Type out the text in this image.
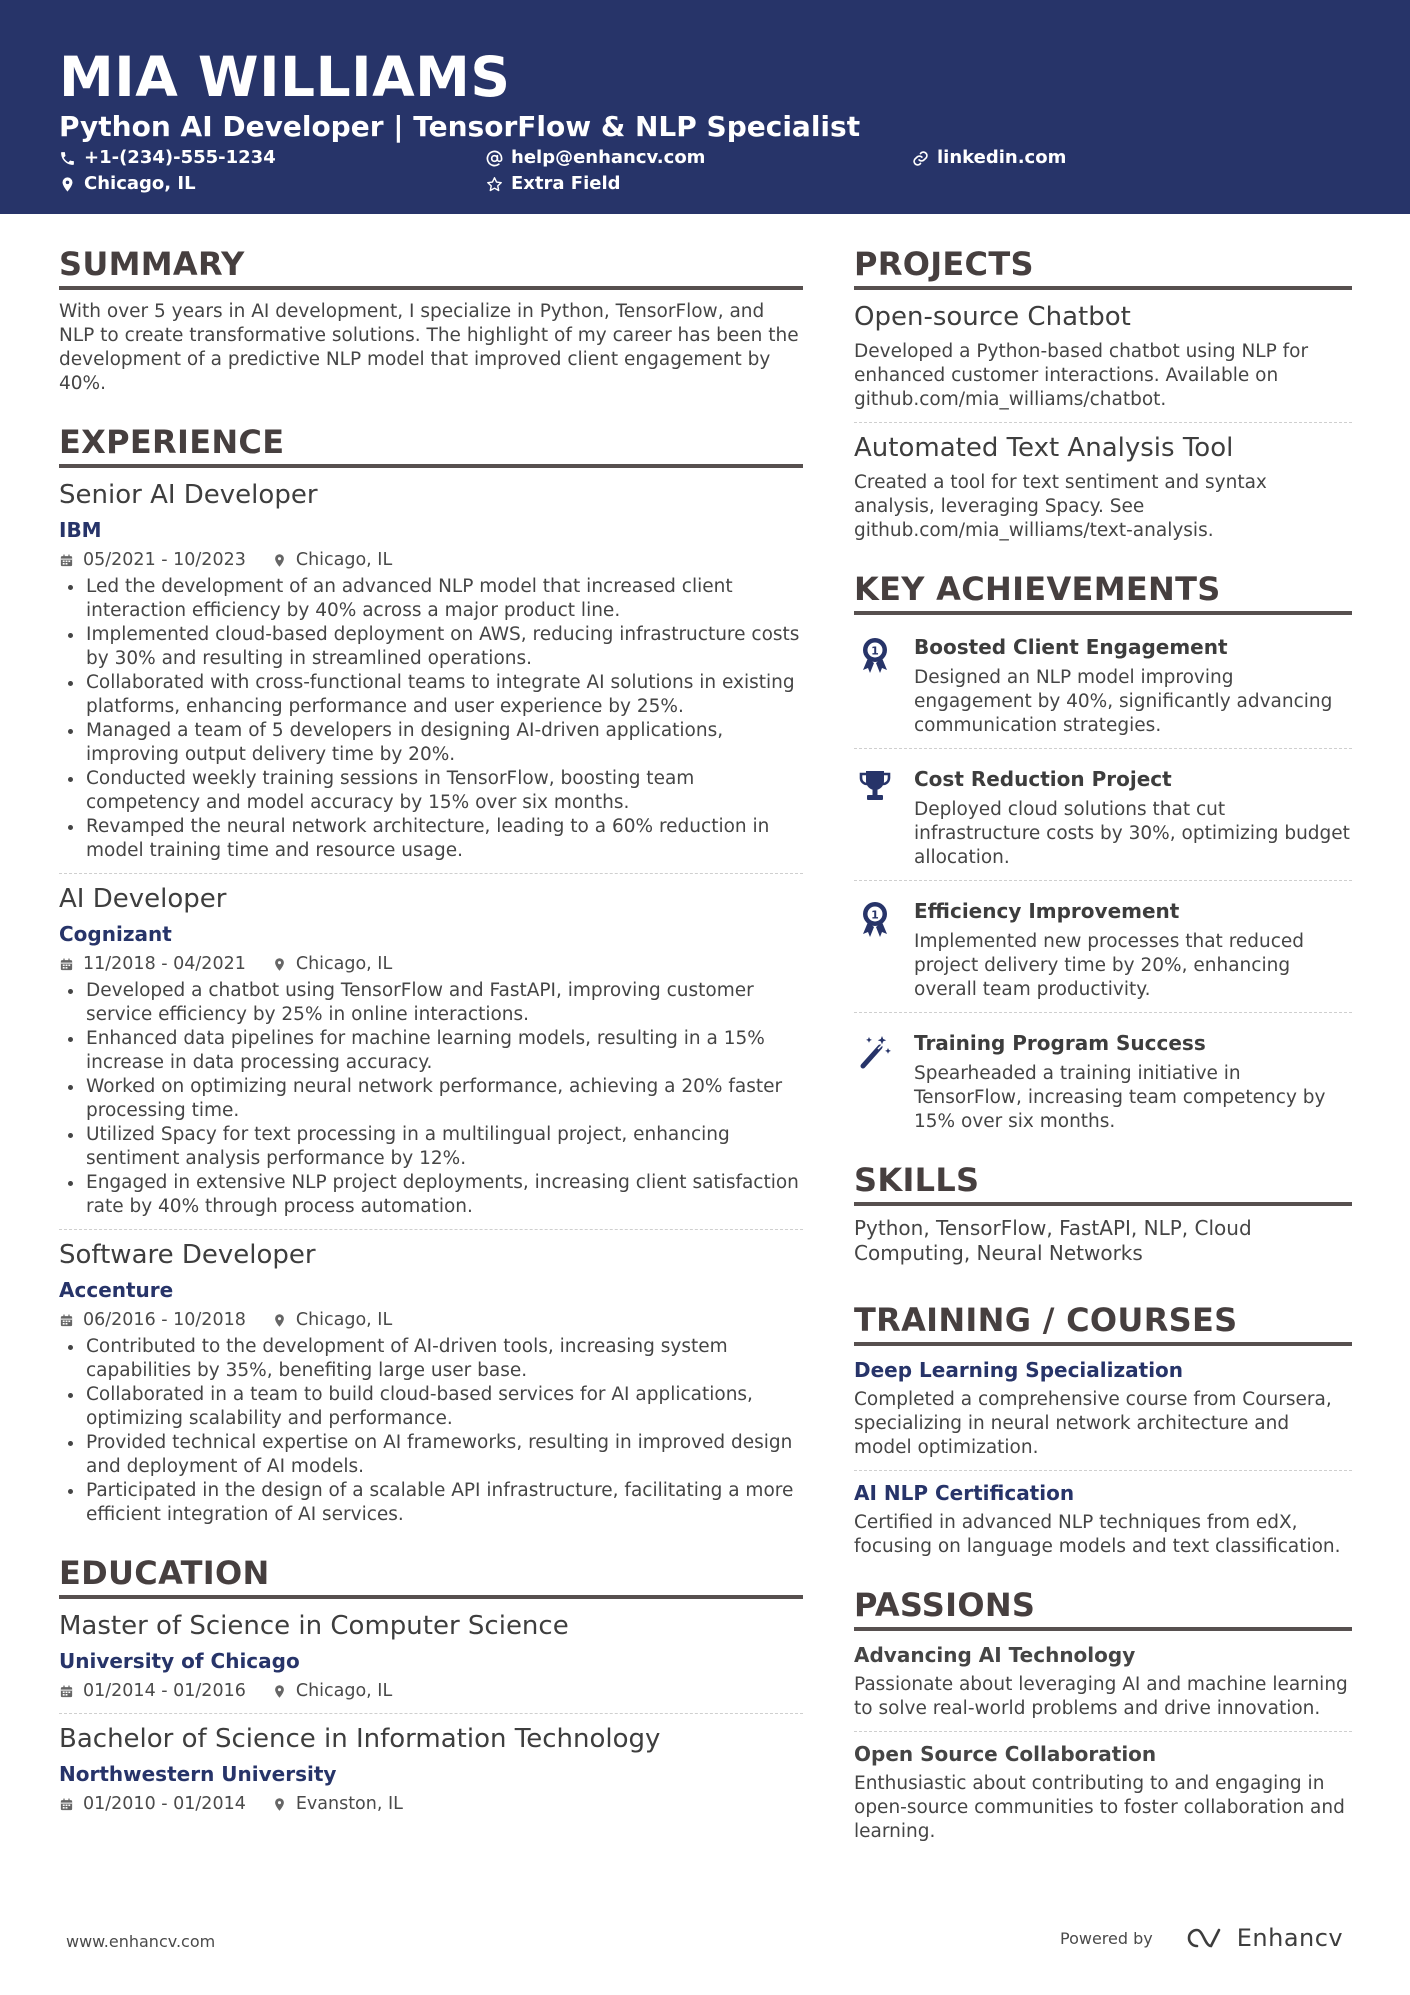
MIA WILLIAMS
Python AI Developer | TensorFlow & NLP Specialist
+1-(234)-555-1234	help@enhancv.com	linkedin.com
Chicago, IL	Extra Field
SUMMARY
With over 5 years in AI development, I specialize in Python, TensorFlow, and NLP to create transformative solutions. The highlight of my career has been the development of a predictive NLP model that improved client engagement by 40%.
EXPERIENCE
Senior AI Developer
IBM
05/2021 - 10/2023	Chicago, IL
Led the development of an advanced NLP model that increased client interaction efficiency by 40% across a major product line.
Implemented cloud-based deployment on AWS, reducing infrastructure costs by 30% and resulting in streamlined operations.
Collaborated with cross-functional teams to integrate AI solutions in existing platforms, enhancing performance and user experience by 25%.
Managed a team of 5 developers in designing AI-driven applications, improving output delivery time by 20%.
Conducted weekly training sessions in TensorFlow, boosting team competency and model accuracy by 15% over six months.
Revamped the neural network architecture, leading to a 60% reduction in model training time and resource usage.
AI Developer
Cognizant
11/2018 - 04/2021	Chicago, IL
Developed a chatbot using TensorFlow and FastAPI, improving customer service efficiency by 25% in online interactions.
Enhanced data pipelines for machine learning models, resulting in a 15% increase in data processing accuracy.
Worked on optimizing neural network performance, achieving a 20% faster processing time.
Utilized Spacy for text processing in a multilingual project, enhancing sentiment analysis performance by 12%.
Engaged in extensive NLP project deployments, increasing client satisfaction rate by 40% through process automation.
Software Developer
Accenture
06/2016 - 10/2018	Chicago, IL
Contributed to the development of AI-driven tools, increasing system capabilities by 35%, benefiting large user base.
Collaborated in a team to build cloud-based services for AI applications, optimizing scalability and performance.
Provided technical expertise on AI frameworks, resulting in improved design and deployment of AI models.
Participated in the design of a scalable API infrastructure, facilitating a more efficient integration of AI services.
EDUCATION
Master of Science in Computer Science
University of Chicago
01/2014 - 01/2016	Chicago, IL
Bachelor of Science in Information Technology
Northwestern University
01/2010 - 01/2014	Evanston, IL
PROJECTS
Open-source Chatbot
Developed a Python-based chatbot using NLP for enhanced customer interactions. Available on github.com/mia_williams/chatbot.
Automated Text Analysis Tool
Created a tool for text sentiment and syntax analysis, leveraging Spacy. See github.com/mia_williams/text-analysis.
KEY ACHIEVEMENTS
1 Boosted Client Engagement
Designed an NLP model improving engagement by 40%, significantly advancing communication strategies.
Cost Reduction Project
Deployed cloud solutions that cut infrastructure costs by 30%, optimizing budget allocation.
1 Efficiency Improvement
Implemented new processes that reduced project delivery time by 20%, enhancing overall team productivity.
Training Program Success
Spearheaded a training initiative in TensorFlow, increasing team competency by 15% over six months.
SKILLS
Python, TensorFlow, FastAPI, NLP, Cloud Computing, Neural Networks
TRAINING / COURSES
Deep Learning Specialization
Completed a comprehensive course from Coursera, specializing in neural network architecture and model optimization.
AI NLP Certification
Certified in advanced NLP techniques from edX, focusing on language models and text classification.
PASSIONS
Advancing AI Technology
Passionate about leveraging AI and machine learning to solve real-world problems and drive innovation.
Open Source Collaboration
Enthusiastic about contributing to and engaging in open-source communities to foster collaboration and learning.
www.enhancv.com	Powered by	Enhancv
